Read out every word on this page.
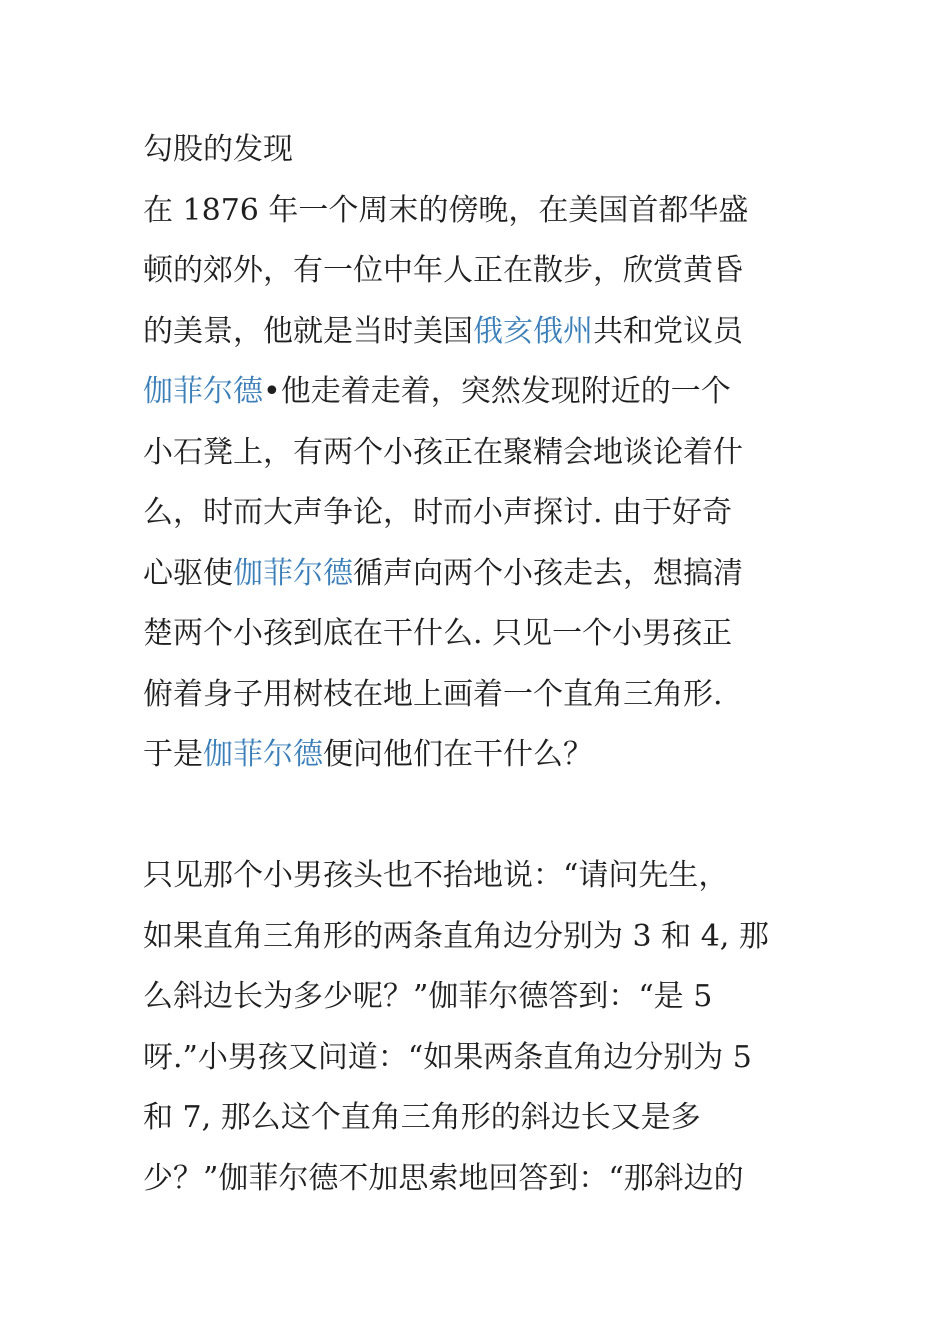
勾股的发现
在 1876 年一个周末的傍晚，在美国首都华盛
顿的郊外，有一位中年人正在散步，欣赏黄昏
的美景，他就是当时美国俄亥俄州共和党议员
伽菲尔德•他走着走着，突然发现附近的一个
小石凳上，有两个小孩正在聚精会地谈论着什
么，时而大声争论，时而小声探讨. 由于好奇
心驱使伽菲尔德循声向两个小孩走去，想搞清
楚两个小孩到底在干什么. 只见一个小男孩正
俯着身子用树枝在地上画着一个直角三角形.
于是伽菲尔德便问他们在干什么？
只见那个小男孩头也不抬地说：“请问先生，
如果直角三角形的两条直角边分别为 3 和 4, 那
么斜边长为多少呢？”伽菲尔德答到：“是 5
呀.”小男孩又问道：“如果两条直角边分别为 5
和 7, 那么这个直角三角形的斜边长又是多
少？”伽菲尔德不加思索地回答到：“那斜边的
